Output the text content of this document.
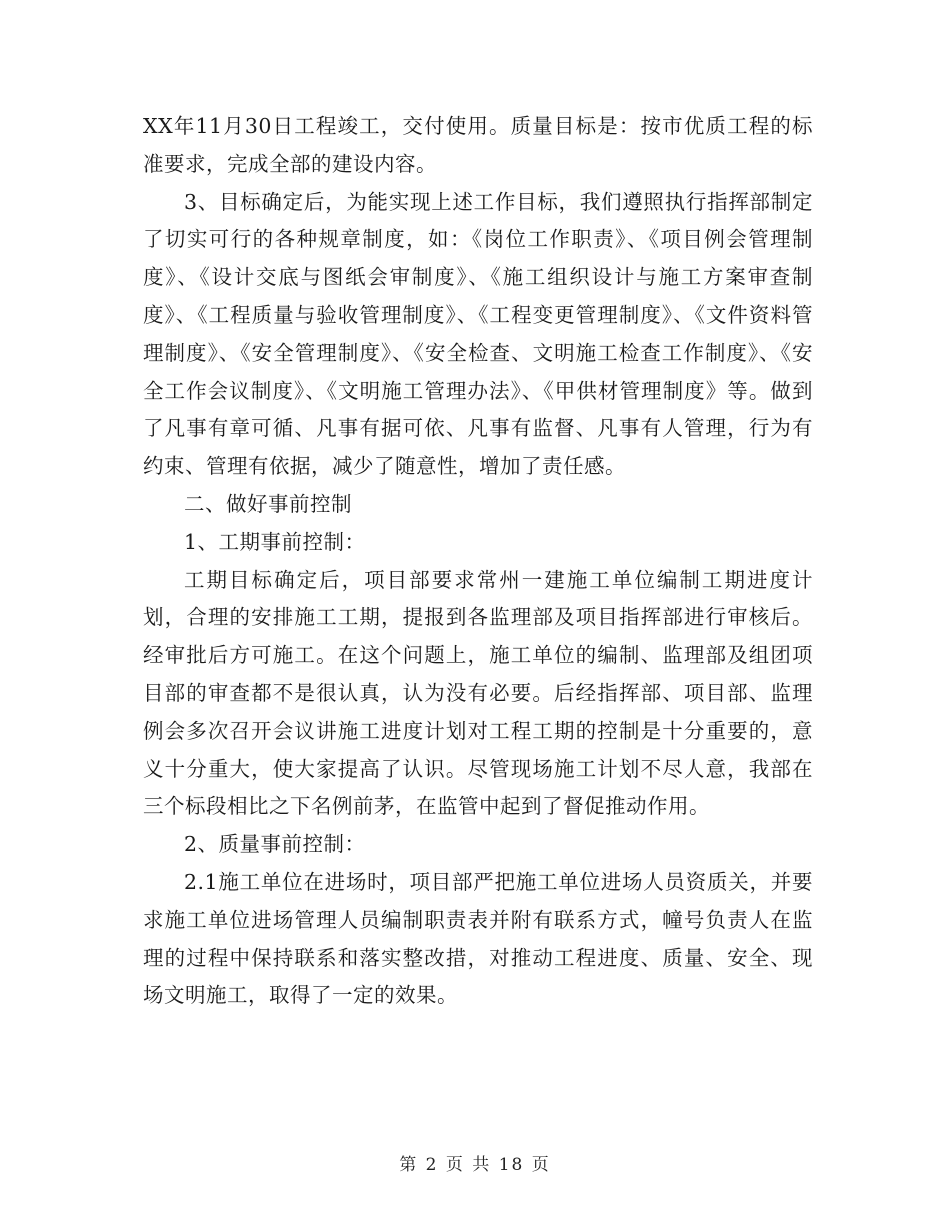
XX年11月30日工程竣工，交付使用。质量目标是：按市优质工程的标准要求，完成全部的建设内容。

3、目标确定后，为能实现上述工作目标，我们遵照执行指挥部制定了切实可行的各种规章制度，如：《岗位工作职责》、《项目例会管理制度》、《设计交底与图纸会审制度》、《施工组织设计与施工方案审查制度》、《工程质量与验收管理制度》、《工程变更管理制度》、《文件资料管理制度》、《安全管理制度》、《安全检查、文明施工检查工作制度》、《安全工作会议制度》、《文明施工管理办法》、《甲供材管理制度》等。做到了凡事有章可循、凡事有据可依、凡事有监督、凡事有人管理，行为有约束、管理有依据，减少了随意性，增加了责任感。

二、做好事前控制

1、工期事前控制：

工期目标确定后，项目部要求常州一建施工单位编制工期进度计划，合理的安排施工工期，提报到各监理部及项目指挥部进行审核后。经审批后方可施工。在这个问题上，施工单位的编制、监理部及组团项目部的审查都不是很认真，认为没有必要。后经指挥部、项目部、监理例会多次召开会议讲施工进度计划对工程工期的控制是十分重要的，意义十分重大，使大家提高了认识。尽管现场施工计划不尽人意，我部在三个标段相比之下名例前茅，在监管中起到了督促推动作用。

2、质量事前控制：

2.1施工单位在进场时，项目部严把施工单位进场人员资质关，并要求施工单位进场管理人员编制职责表并附有联系方式，幢号负责人在监理的过程中保持联系和落实整改措，对推动工程进度、质量、安全、现场文明施工，取得了一定的效果。

第 2 页 共 18 页
